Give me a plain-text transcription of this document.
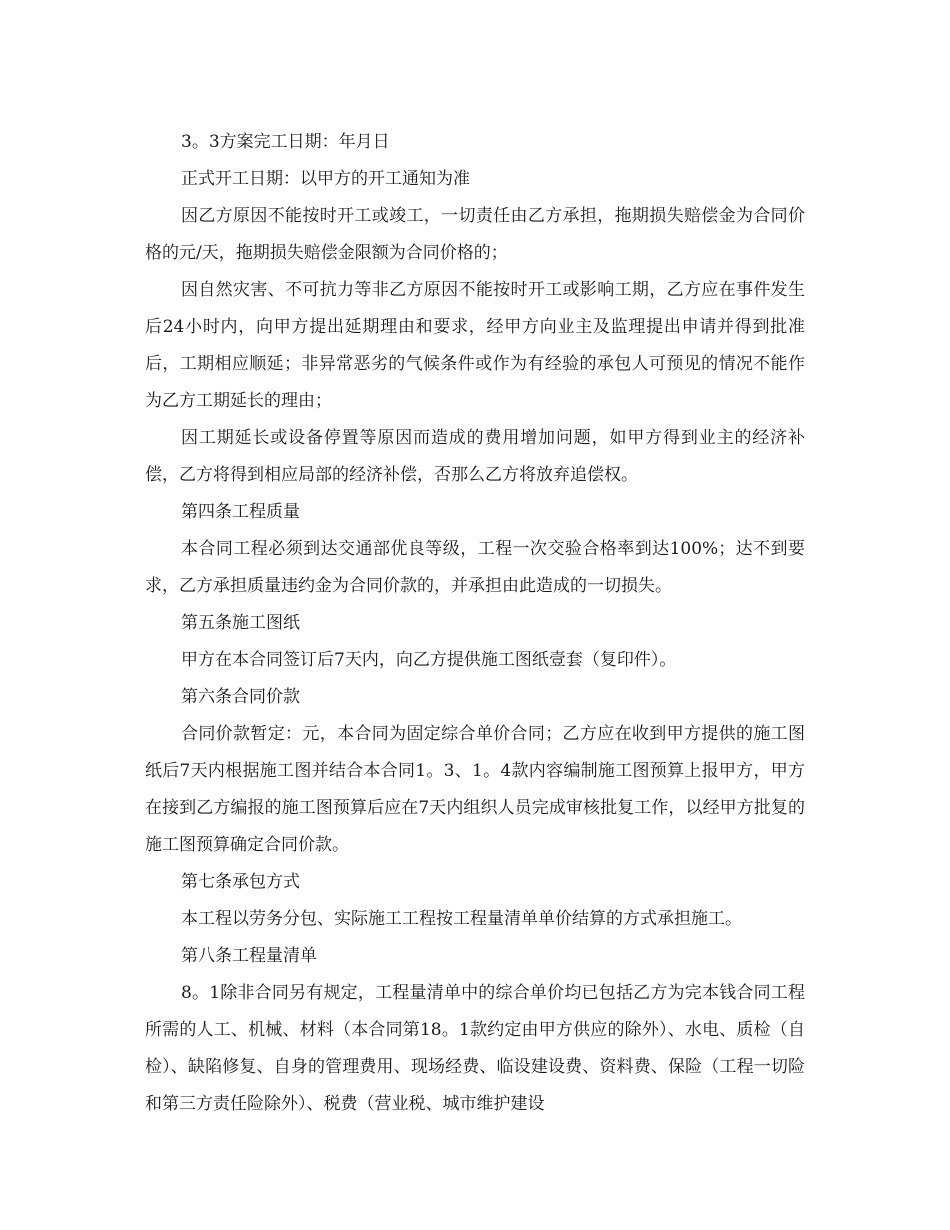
3。3方案完工日期：年月日

正式开工日期：以甲方的开工通知为准

因乙方原因不能按时开工或竣工，一切责任由乙方承担，拖期损失赔偿金为合同价格的元/天，拖期损失赔偿金限额为合同价格的；

因自然灾害、不可抗力等非乙方原因不能按时开工或影响工期，乙方应在事件发生后24小时内，向甲方提出延期理由和要求，经甲方向业主及监理提出申请并得到批准后，工期相应顺延；非异常恶劣的气候条件或作为有经验的承包人可预见的情况不能作为乙方工期延长的理由；

因工期延长或设备停置等原因而造成的费用增加问题，如甲方得到业主的经济补偿，乙方将得到相应局部的经济补偿，否那么乙方将放弃追偿权。

第四条工程质量

本合同工程必须到达交通部优良等级，工程一次交验合格率到达100%；达不到要求，乙方承担质量违约金为合同价款的，并承担由此造成的一切损失。

第五条施工图纸

甲方在本合同签订后7天内，向乙方提供施工图纸壹套（复印件）。

第六条合同价款

合同价款暂定：元，本合同为固定综合单价合同；乙方应在收到甲方提供的施工图纸后7天内根据施工图并结合本合同1。3、1。4款内容编制施工图预算上报甲方，甲方在接到乙方编报的施工图预算后应在7天内组织人员完成审核批复工作，以经甲方批复的施工图预算确定合同价款。

第七条承包方式

本工程以劳务分包、实际施工工程按工程量清单单价结算的方式承担施工。

第八条工程量清单

8。1除非合同另有规定，工程量清单中的综合单价均已包括乙方为完本钱合同工程所需的人工、机械、材料（本合同第18。1款约定由甲方供应的除外）、水电、质检（自检）、缺陷修复、自身的管理费用、现场经费、临设建设费、资料费、保险（工程一切险和第三方责任险除外）、税费（营业税、城市维护建设
